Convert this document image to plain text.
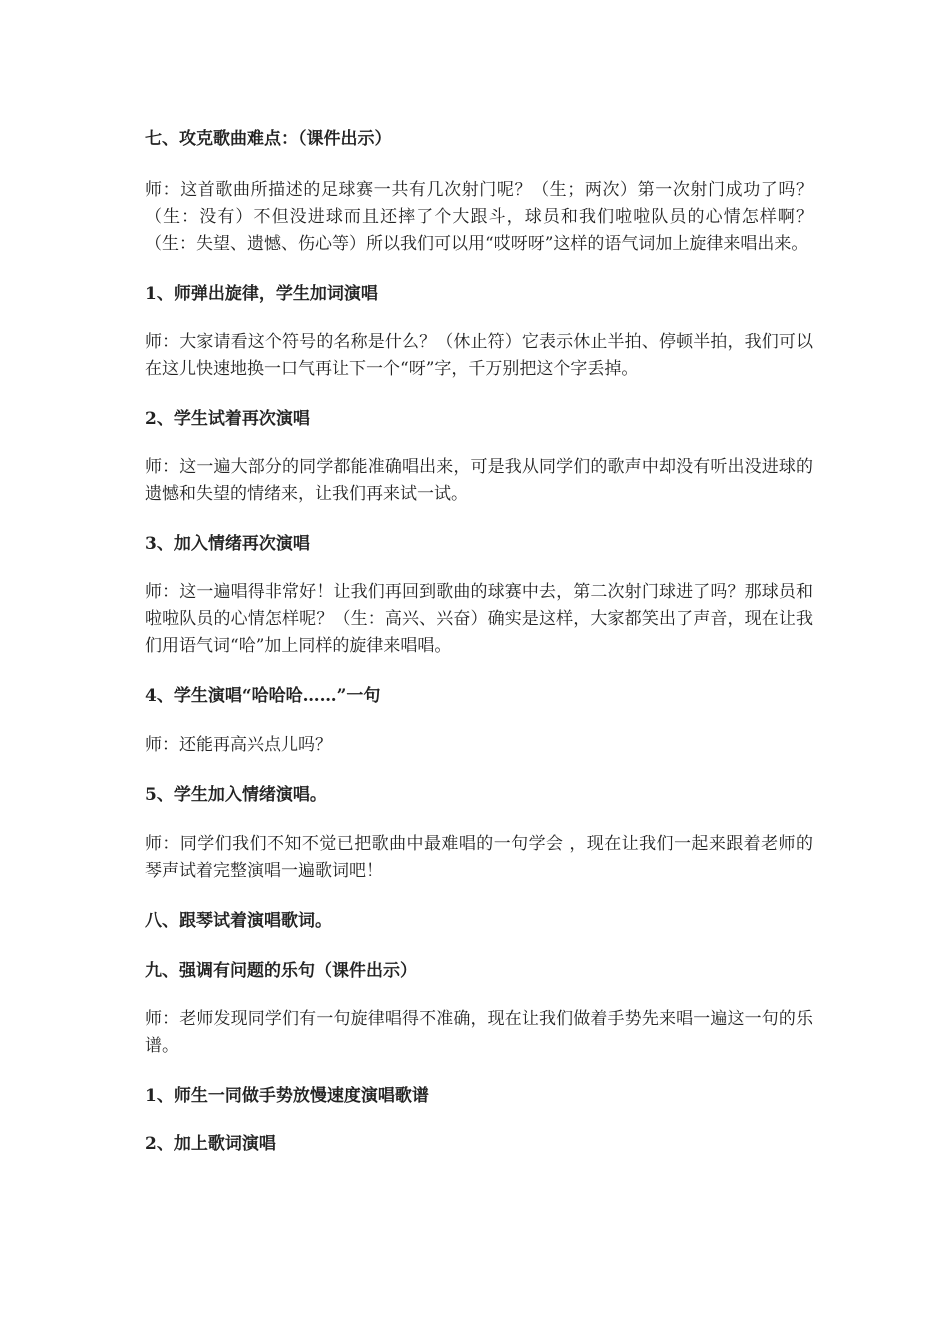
七、攻克歌曲难点：（课件出示）

师：这首歌曲所描述的足球赛一共有几次射门呢？（生；两次）第一次射门成功了吗？（生：没有）不但没进球而且还摔了个大跟斗，球员和我们啦啦队员的心情怎样啊？（生：失望、遗憾、伤心等）所以我们可以用“哎呀呀”这样的语气词加上旋律来唱出来。

1、师弹出旋律，学生加词演唱

师：大家请看这个符号的名称是什么？（休止符）它表示休止半拍、停顿半拍，我们可以在这儿快速地换一口气再让下一个“呀”字，千万别把这个字丢掉。

2、学生试着再次演唱

师：这一遍大部分的同学都能准确唱出来，可是我从同学们的歌声中却没有听出没进球的遗憾和失望的情绪来，让我们再来试一试。

3、加入情绪再次演唱

师：这一遍唱得非常好！让我们再回到歌曲的球赛中去，第二次射门球进了吗？那球员和啦啦队员的心情怎样呢？（生：高兴、兴奋）确实是这样，大家都笑出了声音，现在让我们用语气词“哈”加上同样的旋律来唱唱。

4、学生演唱“哈哈哈……”一句

师：还能再高兴点儿吗？

5、学生加入情绪演唱。

师：同学们我们不知不觉已把歌曲中最难唱的一句学会 ，现在让我们一起来跟着老师的琴声试着完整演唱一遍歌词吧！

八、跟琴试着演唱歌词。

九、强调有问题的乐句（课件出示）

师：老师发现同学们有一句旋律唱得不准确，现在让我们做着手势先来唱一遍这一句的乐谱。

1、师生一同做手势放慢速度演唱歌谱

2、加上歌词演唱
